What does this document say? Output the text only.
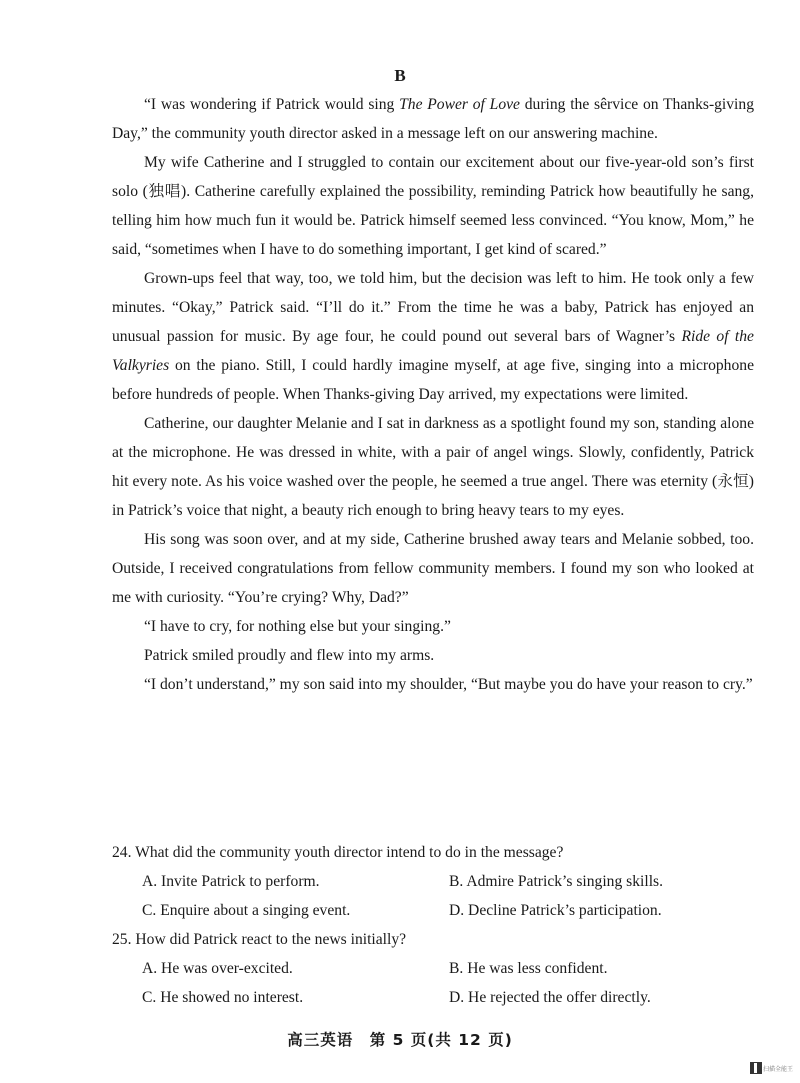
B

“I was wondering if Patrick would sing The Power of Love during the sêrvice on Thanks-giving Day,” the community youth director asked in a message left on our answering machine.

My wife Catherine and I struggled to contain our excitement about our five-year-old son’s first solo (独唱). Catherine carefully explained the possibility, reminding Patrick how beautifully he sang, telling him how much fun it would be. Patrick himself seemed less convinced. “You know, Mom,” he said, “sometimes when I have to do something important, I get kind of scared.”

Grown-ups feel that way, too, we told him, but the decision was left to him. He took only a few minutes. “Okay,” Patrick said. “I’ll do it.” From the time he was a baby, Patrick has enjoyed an unusual passion for music. By age four, he could pound out several bars of Wagner’s Ride of the Valkyries on the piano. Still, I could hardly imagine myself, at age five, singing into a microphone before hundreds of people. When Thanks-giving Day arrived, my expectations were limited.

Catherine, our daughter Melanie and I sat in darkness as a spotlight found my son, standing alone at the microphone. He was dressed in white, with a pair of angel wings. Slowly, confidently, Patrick hit every note. As his voice washed over the people, he seemed a true angel. There was eternity (永恒) in Patrick’s voice that night, a beauty rich enough to bring heavy tears to my eyes.

His song was soon over, and at my side, Catherine brushed away tears and Melanie sobbed, too. Outside, I received congratulations from fellow community members. I found my son who looked at me with curiosity. “You’re crying? Why, Dad?”

“I have to cry, for nothing else but your singing.”

Patrick smiled proudly and flew into my arms.

“I don’t understand,” my son said into my shoulder, “But maybe you do have your reason to cry.”

24. What did the community youth director intend to do in the message?
A. Invite Patrick to perform.	B. Admire Patrick’s singing skills.
C. Enquire about a singing event.	D. Decline Patrick’s participation.
25. How did Patrick react to the news initially?
A. He was over-excited.	B. He was less confident.
C. He showed no interest.	D. He rejected the offer directly.
高三英语　第 5 页(共 12 页)
扫描全能王
